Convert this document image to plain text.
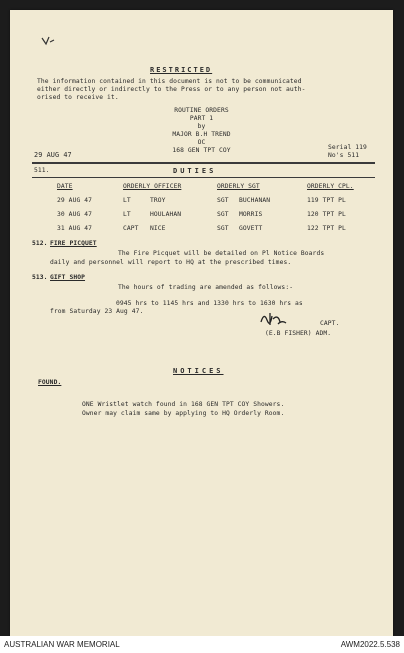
RESTRICTED
The information contained in this document is not to be communicated
either directly or indirectly to the Press or to any person not auth-
orised to receive it.
ROUTINE ORDERS
PART 1
by
MAJOR B.H TREND
OC
29 AUG 47
168 GEN TPT COY	Serial 119
No's 511
DUTIES
511.
DATE	ORDERLY OFFICER	ORDERLY SGT	ORDERLY CPL.
29 AUG 47	LT	TROY	SGT BUCHANAN	119 TPT PL
30 AUG 47	LT	HOULAHAN	SGT MORRIS	120 TPT PL
31 AUG 47	CAPT NICE	SGT GOVETT	122 TPT PL
512. FIRE PICQUET
The Fire Picquet will be detailed on Pl Notice Boards
daily and personnel will report to HQ at the prescribed times.
513. GIFT SHOP
The hours of trading are amended as follows:-
0945 hrs to 1145 hrs and 1330 hrs to 1630 hrs as
from Saturday 23 Aug 47.
CAPT.
(E.B FISHER) ADM.
NOTICES
FOUND.
ONE Wristlet watch found in 168 GEN TPT COY Showers.
Owner may claim same by applying to HQ Orderly Room.
AUSTRALIAN WAR MEMORIAL	AWM2022.5.538
